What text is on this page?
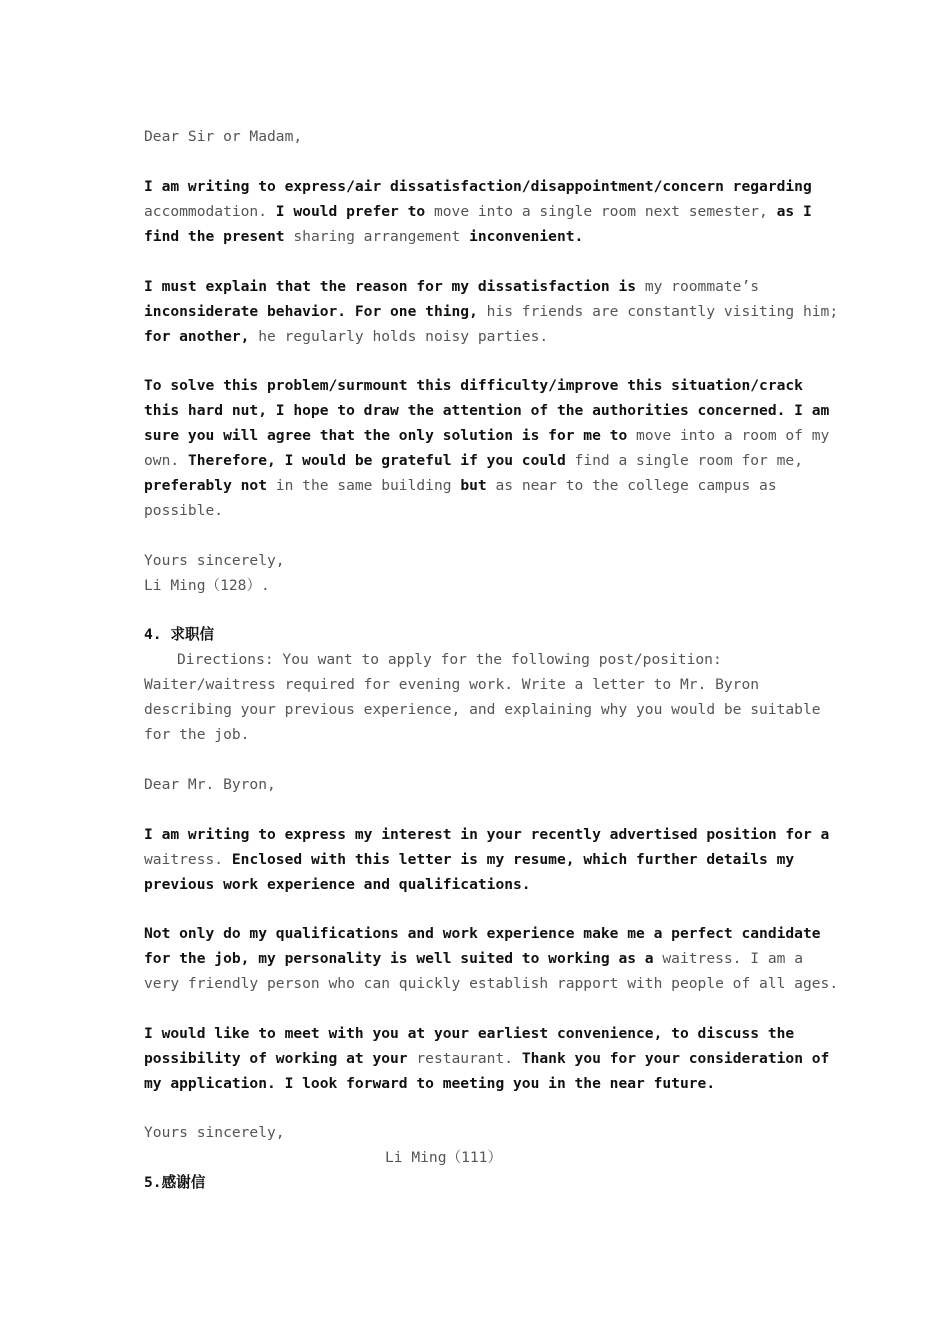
Dear Sir or Madam,
I am writing to express/air dissatisfaction/disappointment/concern regarding
accommodation. I would prefer to move into a single room next semester, as I
find the present sharing arrangement inconvenient.
I must explain that the reason for my dissatisfaction is my roommate’s
inconsiderate behavior. For one thing, his friends are constantly visiting him;
for another, he regularly holds noisy parties.
To solve this problem/surmount this difficulty/improve this situation/crack
this hard nut, I hope to draw the attention of the authorities concerned. I am
sure you will agree that the only solution is for me to move into a room of my
own. Therefore, I would be grateful if you could find a single room for me,
preferably not in the same building but as near to the college campus as
possible.
Yours sincerely,
Li Ming（128）.
4. 求职信
Directions: You want to apply for the following post/position:
Waiter/waitress required for evening work. Write a letter to Mr. Byron
describing your previous experience, and explaining why you would be suitable
for the job.
Dear Mr. Byron,
I am writing to express my interest in your recently advertised position for a
waitress. Enclosed with this letter is my resume, which further details my
previous work experience and qualifications.
Not only do my qualifications and work experience make me a perfect candidate
for the job, my personality is well suited to working as a waitress. I am a
very friendly person who can quickly establish rapport with people of all ages.
I would like to meet with you at your earliest convenience, to discuss the
possibility of working at your restaurant. Thank you for your consideration of
my application. I look forward to meeting you in the near future.
Yours sincerely,
Li Ming（111）
5.感谢信
